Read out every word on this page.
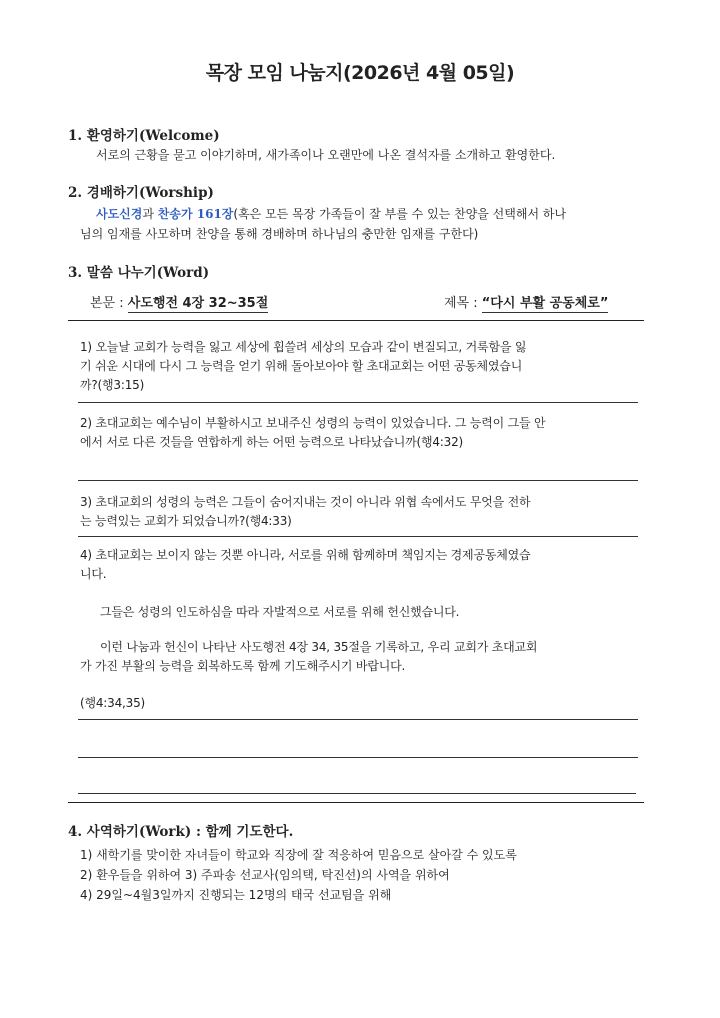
목장 모임 나눔지(2026년 4월 05일)
1. 환영하기(Welcome)
서로의 근황을 묻고 이야기하며, 새가족이나 오랜만에 나온 결석자를 소개하고 환영한다.
2. 경배하기(Worship)
사도신경과 찬송가 161장(혹은 모든 목장 가족들이 잘 부를 수 있는 찬양을 선택해서 하나
님의 임재를 사모하며 찬양을 통해 경배하며 하나님의 충만한 임재를 구한다)
3. 말씀 나누기(Word)
본문 : 사도행전 4장 32~35절	제목 : “다시 부활 공동체로”
1) 오늘날 교회가 능력을 잃고 세상에 휩쓸려 세상의 모습과 같이 변질되고, 거룩함을 잃
기 쉬운 시대에 다시 그 능력을 얻기 위해 돌아보아야 할 초대교회는 어떤 공동체였습니
까?(행3:15)
2) 초대교회는 예수님이 부활하시고 보내주신 성령의 능력이 있었습니다. 그 능력이 그들 안
에서 서로 다른 것들을 연합하게 하는 어떤 능력으로 나타났습니까(행4:32)
3) 초대교회의 성령의 능력은 그들이 숨어지내는 것이 아니라 위협 속에서도 무엇을 전하
는 능력있는 교회가 되었습니까?(행4:33)
4) 초대교회는 보이지 않는 것뿐 아니라, 서로를 위해 함께하며 책임지는 경제공동체였습
니다.
그들은 성령의 인도하심을 따라 자발적으로 서로를 위해 헌신했습니다.
이런 나눔과 헌신이 나타난 사도행전 4장 34, 35절을 기록하고, 우리 교회가 초대교회
가 가진 부활의 능력을 회복하도록 함께 기도해주시기 바랍니다.
(행4:34,35)
4. 사역하기(Work) : 함께 기도한다.
1) 새학기를 맞이한 자녀들이 학교와 직장에 잘 적응하여 믿음으로 살아갈 수 있도록
2) 환우들을 위하여 3) 주파송 선교사(임의택, 탁진선)의 사역을 위하여
4) 29일~4월3일까지 진행되는 12명의 태국 선교팀을 위해
